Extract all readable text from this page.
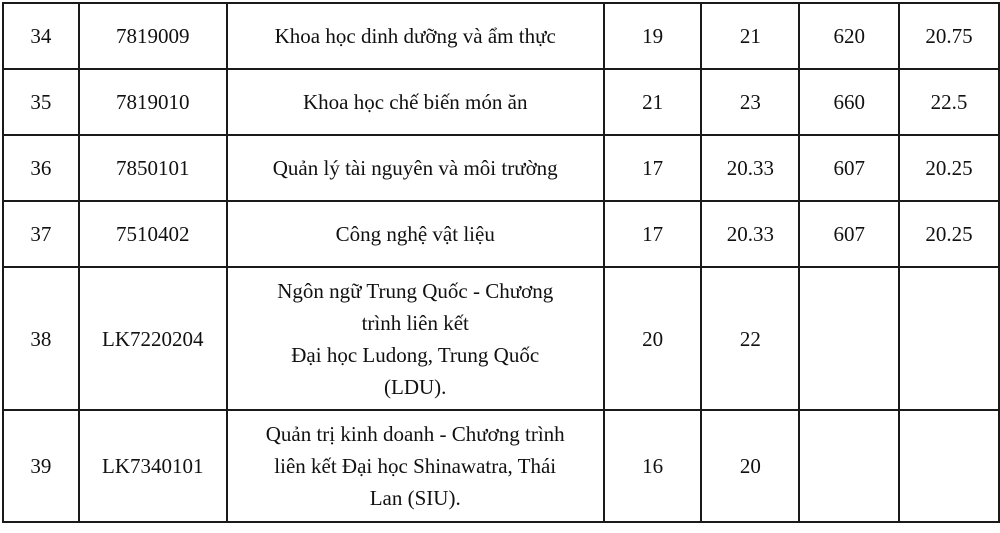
34	7819009	Khoa học dinh dưỡng và ẩm thực	19	21	620	20.75
35	7819010	Khoa học chế biến món ăn	21	23	660	22.5
36	7850101	Quản lý tài nguyên và môi trường	17	20.33	607	20.25
37	7510402	Công nghệ vật liệu	17	20.33	607	20.25
38	LK7220204	Ngôn ngữ Trung Quốc - Chương
trình liên kết
Đại học Ludong, Trung Quốc
(LDU).	20	22		
39	LK7340101	Quản trị kinh doanh - Chương trình
liên kết Đại học Shinawatra, Thái
Lan (SIU).	16	20		
